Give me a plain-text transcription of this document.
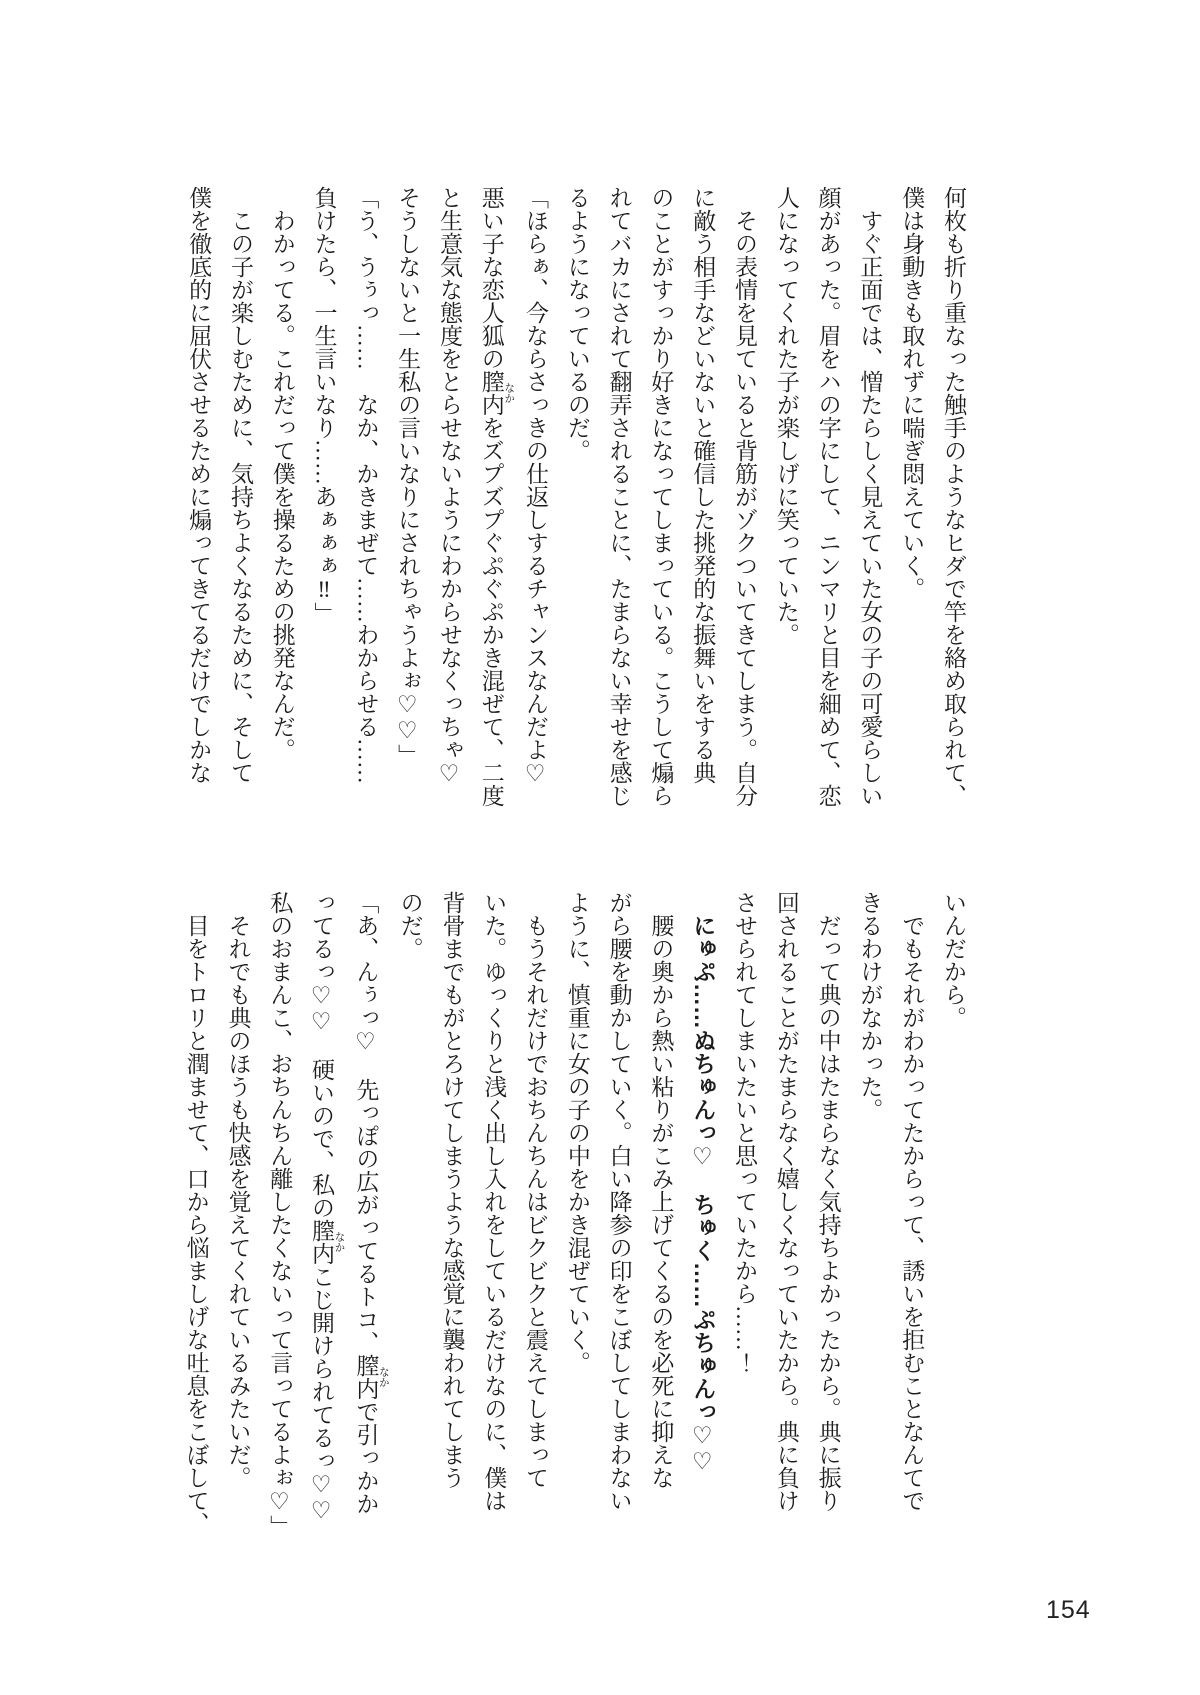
何枚も折り重なった触手のようなヒダで竿を絡め取られて、
僕は身動きも取れずに喘ぎ悶えていく。
すぐ正面では、憎たらしく見えていた女の子の可愛らしい
顔があった。眉をハの字にして、ニンマリと目を細めて、恋
人になってくれた子が楽しげに笑っていた。
その表情を見ていると背筋がゾクついてきてしまう。自分
に敵う相手などいないと確信した挑発的な振舞いをする典
のことがすっかり好きになってしまっている。こうして煽ら
れてバカにされて翻弄されることに、たまらない幸せを感じ
るようになっているのだ。
「ほらぁ、今ならさっきの仕返しするチャンスなんだよ♡
悪い子な恋人狐の膣内 なかをズプズプぐぷぐぷかき混ぜて、二度
と生意気な態度をとらせないようにわからせなくっちゃ♡
そうしないと一生私の言いなりにされちゃうよぉ♡♡」
「う、うぅっ……　なか、かきまぜて……わからせる……
負けたら、一生言いなり……あぁぁぁ‼」
わかってる。これだって僕を操るための挑発なんだ。
この子が楽しむために、気持ちよくなるために、そして
僕を徹底的に屈伏させるために煽ってきてるだけでしかな
いんだから。
でもそれがわかってたからって、誘いを拒むことなんてで
きるわけがなかった。
だって典の中はたまらなく気持ちよかったから。典に振り
回されることがたまらなく嬉しくなっていたから。典に負け
させられてしまいたいと思っていたから……！
にゅぷ……ぬちゅんっ♡　ちゅく……ぷちゅんっ♡♡
腰の奥から熱い粘りがこみ上げてくるのを必死に抑えな
がら腰を動かしていく。白い降参の印をこぼしてしまわない
ように、慎重に女の子の中をかき混ぜていく。
もうそれだけでおちんちんはビクビクと震えてしまって
いた。ゆっくりと浅く出し入れをしているだけなのに、僕は
背骨までもがとろけてしまうような感覚に襲われてしまう
のだ。
「あ、んぅっ♡　先っぽの広がってるトコ、膣内 なかで引っかか
ってるっ♡♡　硬いので、私の膣内 なかこじ開けられてるっ♡♡
私のおまんこ、おちんちん離したくないって言ってるよぉ♡」
それでも典のほうも快感を覚えてくれているみたいだ。
目をトロリと潤ませて、口から悩ましげな吐息をこぼして、
154
